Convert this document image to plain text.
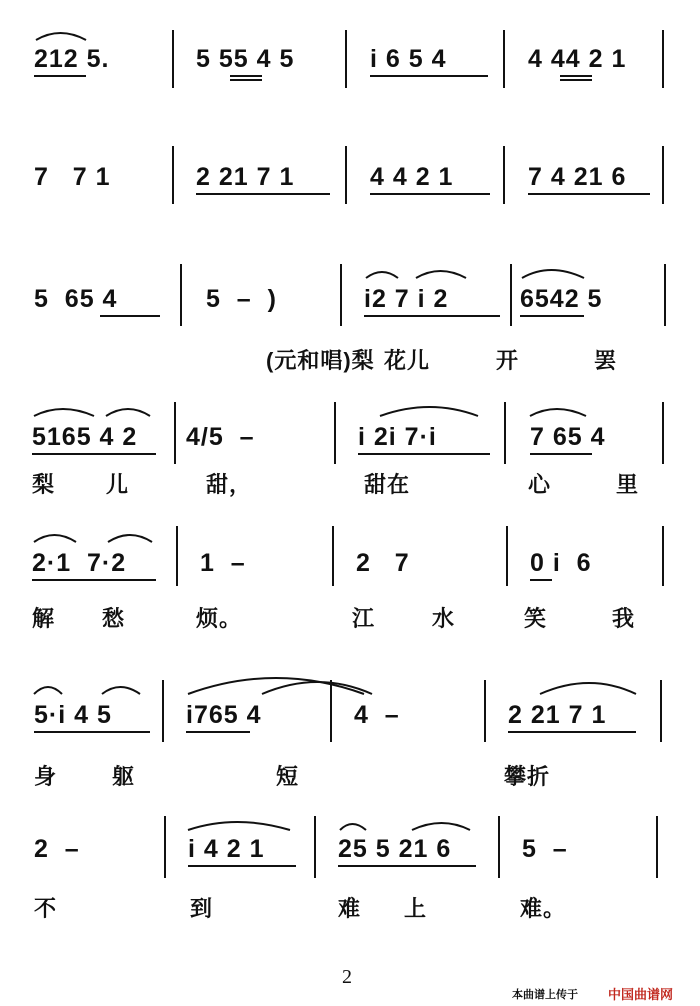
212 5.	5 55 4 5	i 6 5 4	4 44 2 1
7   7 1	2 21 7 1	4 4 2 1	7 4 21 6
5  65 4	5  –  )	i2 7 i 2	6542 5
(元和唱)梨 花儿	开	罢
5165 4 2 4/5  –	i 2i 7·i	7 65 4
梨 儿	甜，	甜在	心	里
2·1  7·2	1  –	2   7	0 i  6
解 愁	烦。	江	水	笑	我
5·i 4 5	i765 4	4  –	2 21 7 1
身 躯	短	攀折
2  –	i 4 2 1	25 5 21 6	5  –
不	到	难 上	难。
2
本曲谱上传于 中国曲谱网
